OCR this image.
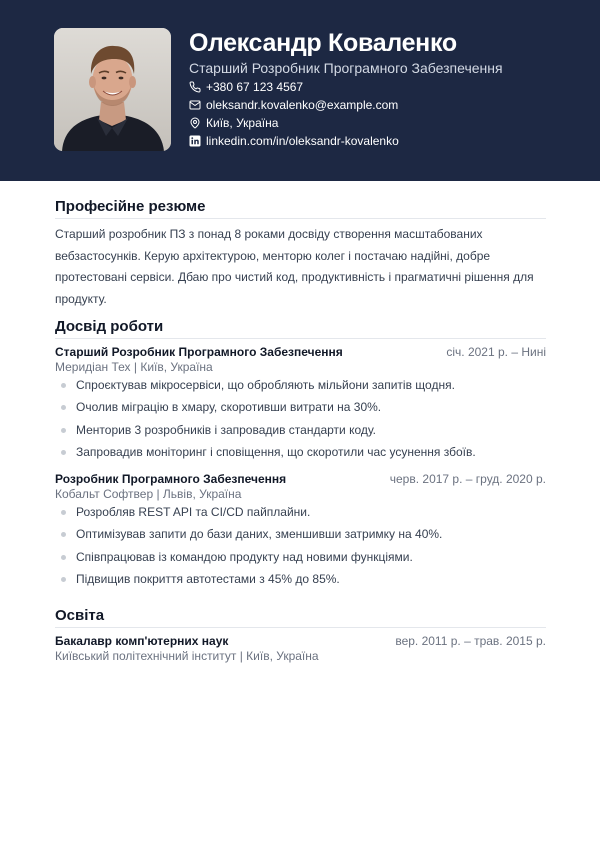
Олександр Коваленко
Старший Розробник Програмного Забезпечення
+380 67 123 4567
oleksandr.kovalenko@example.com
Київ, Україна
linkedin.com/in/oleksandr-kovalenko
Професійне резюме

Старший розробник ПЗ з понад 8 роками досвіду створення масштабованих вебзастосунків. Керую архітектурою, менторю колег і постачаю надійні, добре протестовані сервіси. Дбаю про чистий код, продуктивність і прагматичні рішення для продукту.

Досвід роботи
Старший Розробник Програмного Забезпечення	січ. 2021 р. – Нині
Меридіан Тех | Київ, Україна
Спроєктував мікросервіси, що обробляють мільйони запитів щодня.
Очолив міграцію в хмару, скоротивши витрати на 30%.
Менторив 3 розробників і запровадив стандарти коду.
Запровадив моніторинг і сповіщення, що скоротили час усунення збоїв.
Розробник Програмного Забезпечення	черв. 2017 р. – груд. 2020 р.
Кобальт Софтвер | Львів, Україна
Розробляв REST API та CI/CD пайплайни.
Оптимізував запити до бази даних, зменшивши затримку на 40%.
Співпрацював із командою продукту над новими функціями.
Підвищив покриття автотестами з 45% до 85%.
Освіта
Бакалавр комп'ютерних наук	вер. 2011 р. – трав. 2015 р.
Київський політехнічний інститут | Київ, Україна
